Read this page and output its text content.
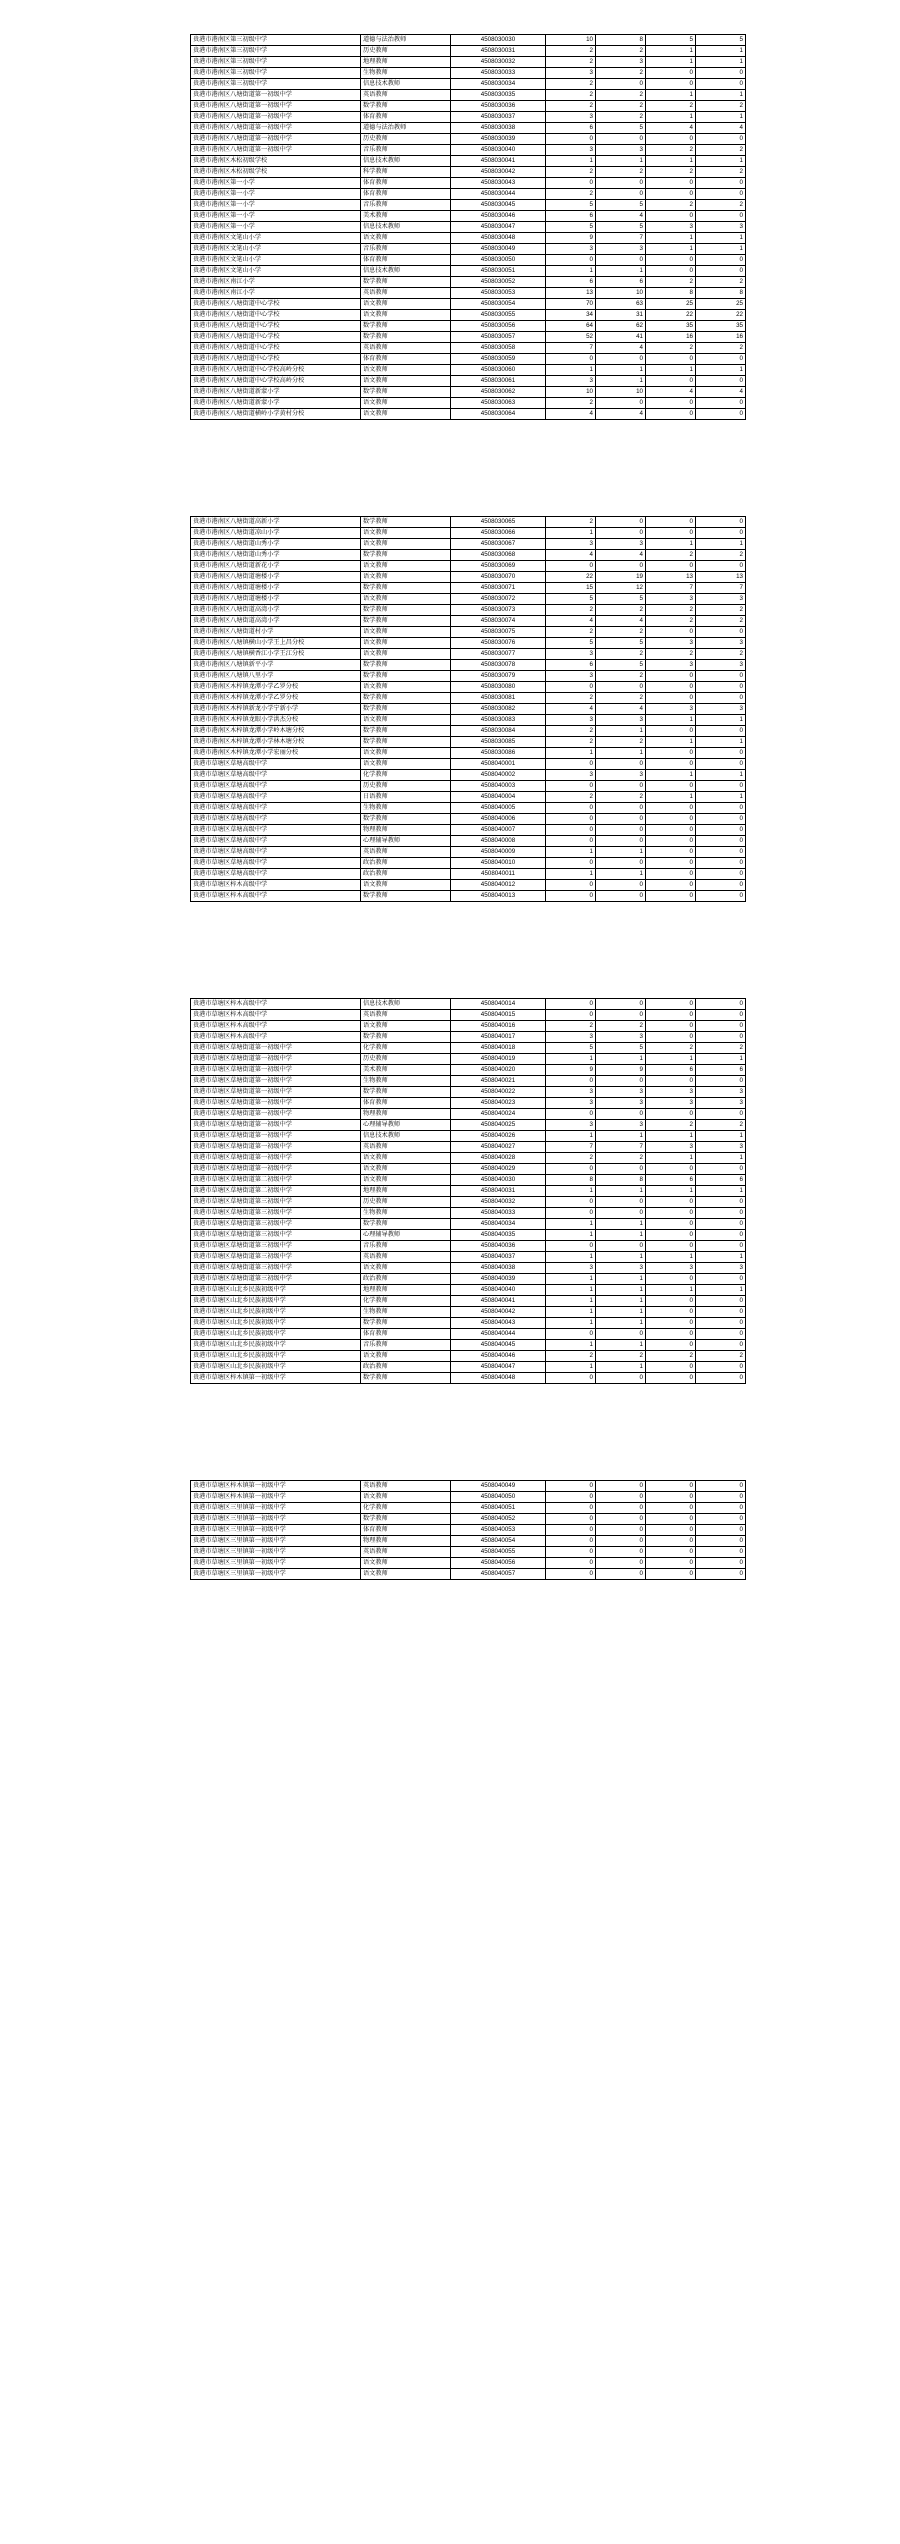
贵港市港南区第三初级中学	道德与法治教师	4508030030	10	8	5	5
贵港市港南区第三初级中学	历史教师	4508030031	2	2	1	1
贵港市港南区第三初级中学	地理教师	4508030032	2	3	1	1
贵港市港南区第三初级中学	生物教师	4508030033	3	2	0	0
贵港市港南区第三初级中学	信息技术教师	4508030034	2	0	0	0
贵港市港南区八塘街道第一初级中学	英语教师	4508030035	2	2	1	1
贵港市港南区八塘街道第一初级中学	数学教师	4508030036	2	2	2	2
贵港市港南区八塘街道第一初级中学	体育教师	4508030037	3	2	1	1
贵港市港南区八塘街道第一初级中学	道德与法治教师	4508030038	6	5	4	4
贵港市港南区八塘街道第一初级中学	历史教师	4508030039	0	0	0	0
贵港市港南区八塘街道第一初级中学	音乐教师	4508030040	3	3	2	2
贵港市港南区木松初级学校	信息技术教师	4508030041	1	1	1	1
贵港市港南区木松初级学校	科学教师	4508030042	2	2	2	2
贵港市港南区第一小学	体育教师	4508030043	0	0	0	0
贵港市港南区第一小学	体育教师	4508030044	2	0	0	0
贵港市港南区第一小学	音乐教师	4508030045	5	5	2	2
贵港市港南区第一小学	美术教师	4508030046	6	4	0	0
贵港市港南区第一小学	信息技术教师	4508030047	5	5	3	3
贵港市港南区文笔山小学	语文教师	4508030048	9	7	1	1
贵港市港南区文笔山小学	音乐教师	4508030049	3	3	1	1
贵港市港南区文笔山小学	体育教师	4508030050	0	0	0	0
贵港市港南区文笔山小学	信息技术教师	4508030051	1	1	0	0
贵港市港南区南江小学	数学教师	4508030052	6	6	2	2
贵港市港南区南江小学	英语教师	4508030053	13	10	8	8
贵港市港南区八塘街道中心学校	语文教师	4508030054	70	63	25	25
贵港市港南区八塘街道中心学校	语文教师	4508030055	34	31	22	22
贵港市港南区八塘街道中心学校	数学教师	4508030056	64	62	35	35
贵港市港南区八塘街道中心学校	数学教师	4508030057	52	41	16	16
贵港市港南区八塘街道中心学校	英语教师	4508030058	7	4	2	2
贵港市港南区八塘街道中心学校	体育教师	4508030059	0	0	0	0
贵港市港南区八塘街道中心学校高岭分校	语文教师	4508030060	1	1	1	1
贵港市港南区八塘街道中心学校高岭分校	语文教师	4508030061	3	1	0	0
贵港市港南区八塘街道新蒙小学	数学教师	4508030062	10	10	4	4
贵港市港南区八塘街道新蒙小学	语文教师	4508030063	2	0	0	0
贵港市港南区八塘街道横岭小学黄村分校	语文教师	4508030064	4	4	0	0
贵港市港南区八塘街道高新小学	数学教师	4508030065	2	0	0	0
贵港市港南区八塘街道凉山小学	语文教师	4508030066	1	0	0	0
贵港市港南区八塘街道山秀小学	语文教师	4508030067	3	3	1	1
贵港市港南区八塘街道山秀小学	数学教师	4508030068	4	4	2	2
贵港市港南区八塘街道新花小学	语文教师	4508030069	0	0	0	0
贵港市港南区八塘街道塘楼小学	语文教师	4508030070	22	19	13	13
贵港市港南区八塘街道塘楼小学	数学教师	4508030071	15	12	7	7
贵港市港南区八塘街道塘楼小学	语文教师	4508030072	5	5	3	3
贵港市港南区八塘街道高湾小学	数学教师	4508030073	2	2	2	2
贵港市港南区八塘街道高湾小学	数学教师	4508030074	4	4	2	2
贵港市港南区八塘街道村小学	语文教师	4508030075	2	2	0	0
贵港市港南区八塘镇横山小学王上昌分校	语文教师	4508030076	5	5	3	3
贵港市港南区八塘镇横香江小学王江分校	语文教师	4508030077	3	2	2	2
贵港市港南区八塘镇新平小学	数学教师	4508030078	6	5	3	3
贵港市港南区八塘镇八里小学	数学教师	4508030079	3	2	0	0
贵港市港南区木梓镇龙潭小学乙罗分校	语文教师	4508030080	0	0	0	0
贵港市港南区木梓镇龙潭小学乙罗分校	数学教师	4508030081	2	2	0	0
贵港市港南区木梓镇新龙小学宁新小学	数学教师	4508030082	4	4	3	3
贵港市港南区木梓镇龙眼小学洪杰分校	语文教师	4508030083	3	3	1	1
贵港市港南区木梓镇龙潭小学岭木塘分校	数学教师	4508030084	2	1	0	0
贵港市港南区木梓镇龙潭小学林木塘分校	数学教师	4508030085	2	2	1	1
贵港市港南区木梓镇龙潭小学宏丽分校	语文教师	4508030086	1	1	0	0
贵港市草塘区草塘高级中学	语文教师	4508040001	0	0	0	0
贵港市草塘区草塘高级中学	化学教师	4508040002	3	3	1	1
贵港市草塘区草塘高级中学	历史教师	4508040003	0	0	0	0
贵港市草塘区草塘高级中学	日语教师	4508040004	2	2	1	1
贵港市草塘区草塘高级中学	生物教师	4508040005	0	0	0	0
贵港市草塘区草塘高级中学	数学教师	4508040006	0	0	0	0
贵港市草塘区草塘高级中学	物理教师	4508040007	0	0	0	0
贵港市草塘区草塘高级中学	心理辅导教师	4508040008	0	0	0	0
贵港市草塘区草塘高级中学	英语教师	4508040009	1	1	0	0
贵港市草塘区草塘高级中学	政治教师	4508040010	0	0	0	0
贵港市草塘区草塘高级中学	政治教师	4508040011	1	1	0	0
贵港市草塘区梓木高级中学	语文教师	4508040012	0	0	0	0
贵港市草塘区梓木高级中学	数学教师	4508040013	0	0	0	0
贵港市草塘区梓木高级中学	信息技术教师	4508040014	0	0	0	0
贵港市草塘区梓木高级中学	英语教师	4508040015	0	0	0	0
贵港市草塘区梓木高级中学	语文教师	4508040016	2	2	0	0
贵港市草塘区梓木高级中学	数学教师	4508040017	3	3	0	0
贵港市草塘区草塘街道第一初级中学	化学教师	4508040018	5	5	2	2
贵港市草塘区草塘街道第一初级中学	历史教师	4508040019	1	1	1	1
贵港市草塘区草塘街道第一初级中学	美术教师	4508040020	9	9	6	6
贵港市草塘区草塘街道第一初级中学	生物教师	4508040021	0	0	0	0
贵港市草塘区草塘街道第一初级中学	数学教师	4508040022	3	3	3	3
贵港市草塘区草塘街道第一初级中学	体育教师	4508040023	3	3	3	3
贵港市草塘区草塘街道第一初级中学	物理教师	4508040024	0	0	0	0
贵港市草塘区草塘街道第一初级中学	心理辅导教师	4508040025	3	3	2	2
贵港市草塘区草塘街道第一初级中学	信息技术教师	4508040026	1	1	1	1
贵港市草塘区草塘街道第一初级中学	英语教师	4508040027	7	7	3	3
贵港市草塘区草塘街道第一初级中学	语文教师	4508040028	2	2	1	1
贵港市草塘区草塘街道第一初级中学	语文教师	4508040029	0	0	0	0
贵港市草塘区草塘街道第二初级中学	语文教师	4508040030	8	8	6	6
贵港市草塘区草塘街道第二初级中学	地理教师	4508040031	1	1	1	1
贵港市草塘区草塘街道第三初级中学	历史教师	4508040032	0	0	0	0
贵港市草塘区草塘街道第三初级中学	生物教师	4508040033	0	0	0	0
贵港市草塘区草塘街道第三初级中学	数学教师	4508040034	1	1	0	0
贵港市草塘区草塘街道第三初级中学	心理辅导教师	4508040035	1	1	0	0
贵港市草塘区草塘街道第三初级中学	音乐教师	4508040036	0	0	0	0
贵港市草塘区草塘街道第三初级中学	英语教师	4508040037	1	1	1	1
贵港市草塘区草塘街道第三初级中学	语文教师	4508040038	3	3	3	3
贵港市草塘区草塘街道第三初级中学	政治教师	4508040039	1	1	0	0
贵港市草塘区山北乡民族初级中学	地理教师	4508040040	1	1	1	1
贵港市草塘区山北乡民族初级中学	化学教师	4508040041	1	1	0	0
贵港市草塘区山北乡民族初级中学	生物教师	4508040042	1	1	0	0
贵港市草塘区山北乡民族初级中学	数学教师	4508040043	1	1	0	0
贵港市草塘区山北乡民族初级中学	体育教师	4508040044	0	0	0	0
贵港市草塘区山北乡民族初级中学	音乐教师	4508040045	1	1	0	0
贵港市草塘区山北乡民族初级中学	语文教师	4508040046	2	2	2	2
贵港市草塘区山北乡民族初级中学	政治教师	4508040047	1	1	0	0
贵港市草塘区梓木镇第一初级中学	数学教师	4508040048	0	0	0	0
贵港市草塘区梓木镇第一初级中学	英语教师	4508040049	0	0	0	0
贵港市草塘区梓木镇第一初级中学	语文教师	4508040050	0	0	0	0
贵港市草塘区三里镇第一初级中学	化学教师	4508040051	0	0	0	0
贵港市草塘区三里镇第一初级中学	数学教师	4508040052	0	0	0	0
贵港市草塘区三里镇第一初级中学	体育教师	4508040053	0	0	0	0
贵港市草塘区三里镇第一初级中学	物理教师	4508040054	0	0	0	0
贵港市草塘区三里镇第一初级中学	英语教师	4508040055	0	0	0	0
贵港市草塘区三里镇第一初级中学	语文教师	4508040056	0	0	0	0
贵港市草塘区三里镇第一初级中学	语文教师	4508040057	0	0	0	0
